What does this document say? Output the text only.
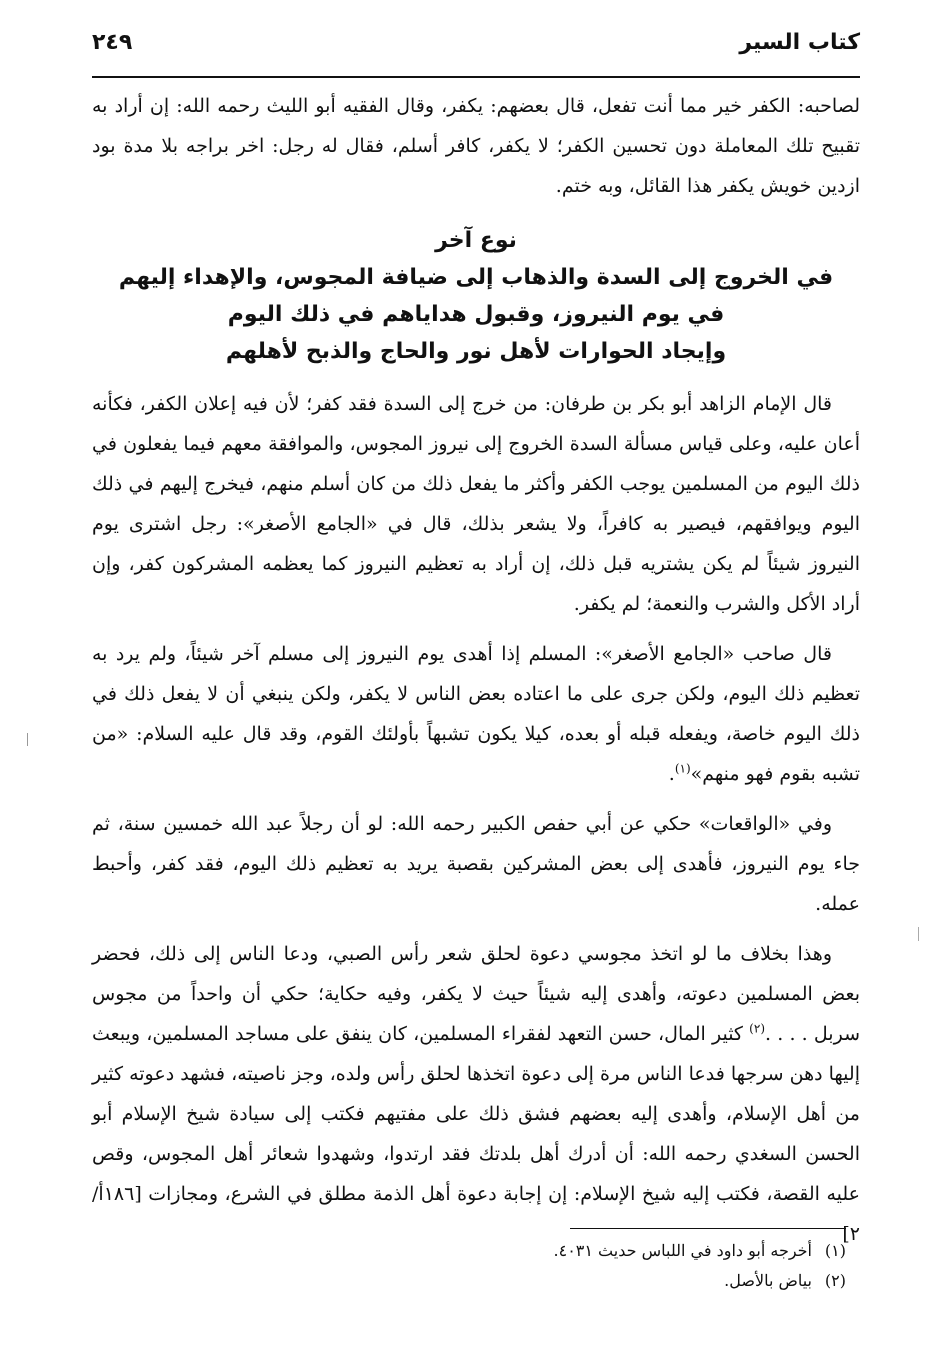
كتاب السير
٢٤٩

لصاحبه: الكفر خير مما أنت تفعل، قال بعضهم: يكفر، وقال الفقيه أبو الليث رحمه الله: إن أراد به تقبيح تلك المعاملة دون تحسين الكفر؛ لا يكفر، كافر أسلم، فقال له رجل: اخر براجه بلا مدة بود ازدين خويش يكفر هذا القائل، وبه ختم.

نوع آخر
في الخروج إلى السدة والذهاب إلى ضيافة المجوس، والإهداء إليهم
في يوم النيروز، وقبول هداياهم في ذلك اليوم
وإيجاد الحوارات لأهل نور والحاج والذبح لأهلهم

قال الإمام الزاهد أبو بكر بن طرفان: من خرج إلى السدة فقد كفر؛ لأن فيه إعلان الكفر، فكأنه أعان عليه، وعلى قياس مسألة السدة الخروج إلى نيروز المجوس، والموافقة معهم فيما يفعلون في ذلك اليوم من المسلمين يوجب الكفر وأكثر ما يفعل ذلك من كان أسلم منهم، فيخرج إليهم في ذلك اليوم ويوافقهم، فيصير به كافراً، ولا يشعر بذلك، قال في «الجامع الأصغر»: رجل اشترى يوم النيروز شيئاً لم يكن يشتريه قبل ذلك، إن أراد به تعظيم النيروز كما يعظمه المشركون كفر، وإن أراد الأكل والشرب والنعمة؛ لم يكفر.

قال صاحب «الجامع الأصغر»: المسلم إذا أهدى يوم النيروز إلى مسلم آخر شيئاً، ولم يرد به تعظيم ذلك اليوم، ولكن جرى على ما اعتاده بعض الناس لا يكفر، ولكن ينبغي أن لا يفعل ذلك في ذلك اليوم خاصة، ويفعله قبله أو بعده، كيلا يكون تشبهاً بأولئك القوم، وقد قال عليه السلام: «من تشبه بقوم فهو منهم»$^{(١)}$.

وفي «الواقعات» حكي عن أبي حفص الكبير رحمه الله: لو أن رجلاً عبد الله خمسين سنة، ثم جاء يوم النيروز، فأهدى إلى بعض المشركين بقصبة يريد به تعظيم ذلك اليوم، فقد كفر، وأحبط عمله.

وهذا بخلاف ما لو اتخذ مجوسي دعوة لحلق شعر رأس الصبي، ودعا الناس إلى ذلك، فحضر بعض المسلمين دعوته، وأهدى إليه شيئاً حيث لا يكفر، وفيه حكاية؛ حكي أن واحداً من مجوس سربل . . . .$^{(٢)}$ كثير المال، حسن التعهد لفقراء المسلمين، كان ينفق على مساجد المسلمين، ويبعث إليها دهن سرجها فدعا الناس مرة إلى دعوة اتخذها لحلق رأس ولده، وجز ناصيته، فشهد دعوته كثير من أهل الإسلام، وأهدى إليه بعضهم فشق ذلك على مفتيهم فكتب إلى سيادة شيخ الإسلام أبو الحسن السغدي رحمه الله: أن أدرك أهل بلدتك فقد ارتدوا، وشهدوا شعائر أهل المجوس، وقص عليه القصة، فكتب إليه شيخ الإسلام: إن إجابة دعوة أهل الذمة مطلق في الشرع، ومجازات [١٨٦أ/٢]

(١)أخرجه أبو داود في اللباس حديث ٤٠٣١.

(٢)بياض بالأصل.
